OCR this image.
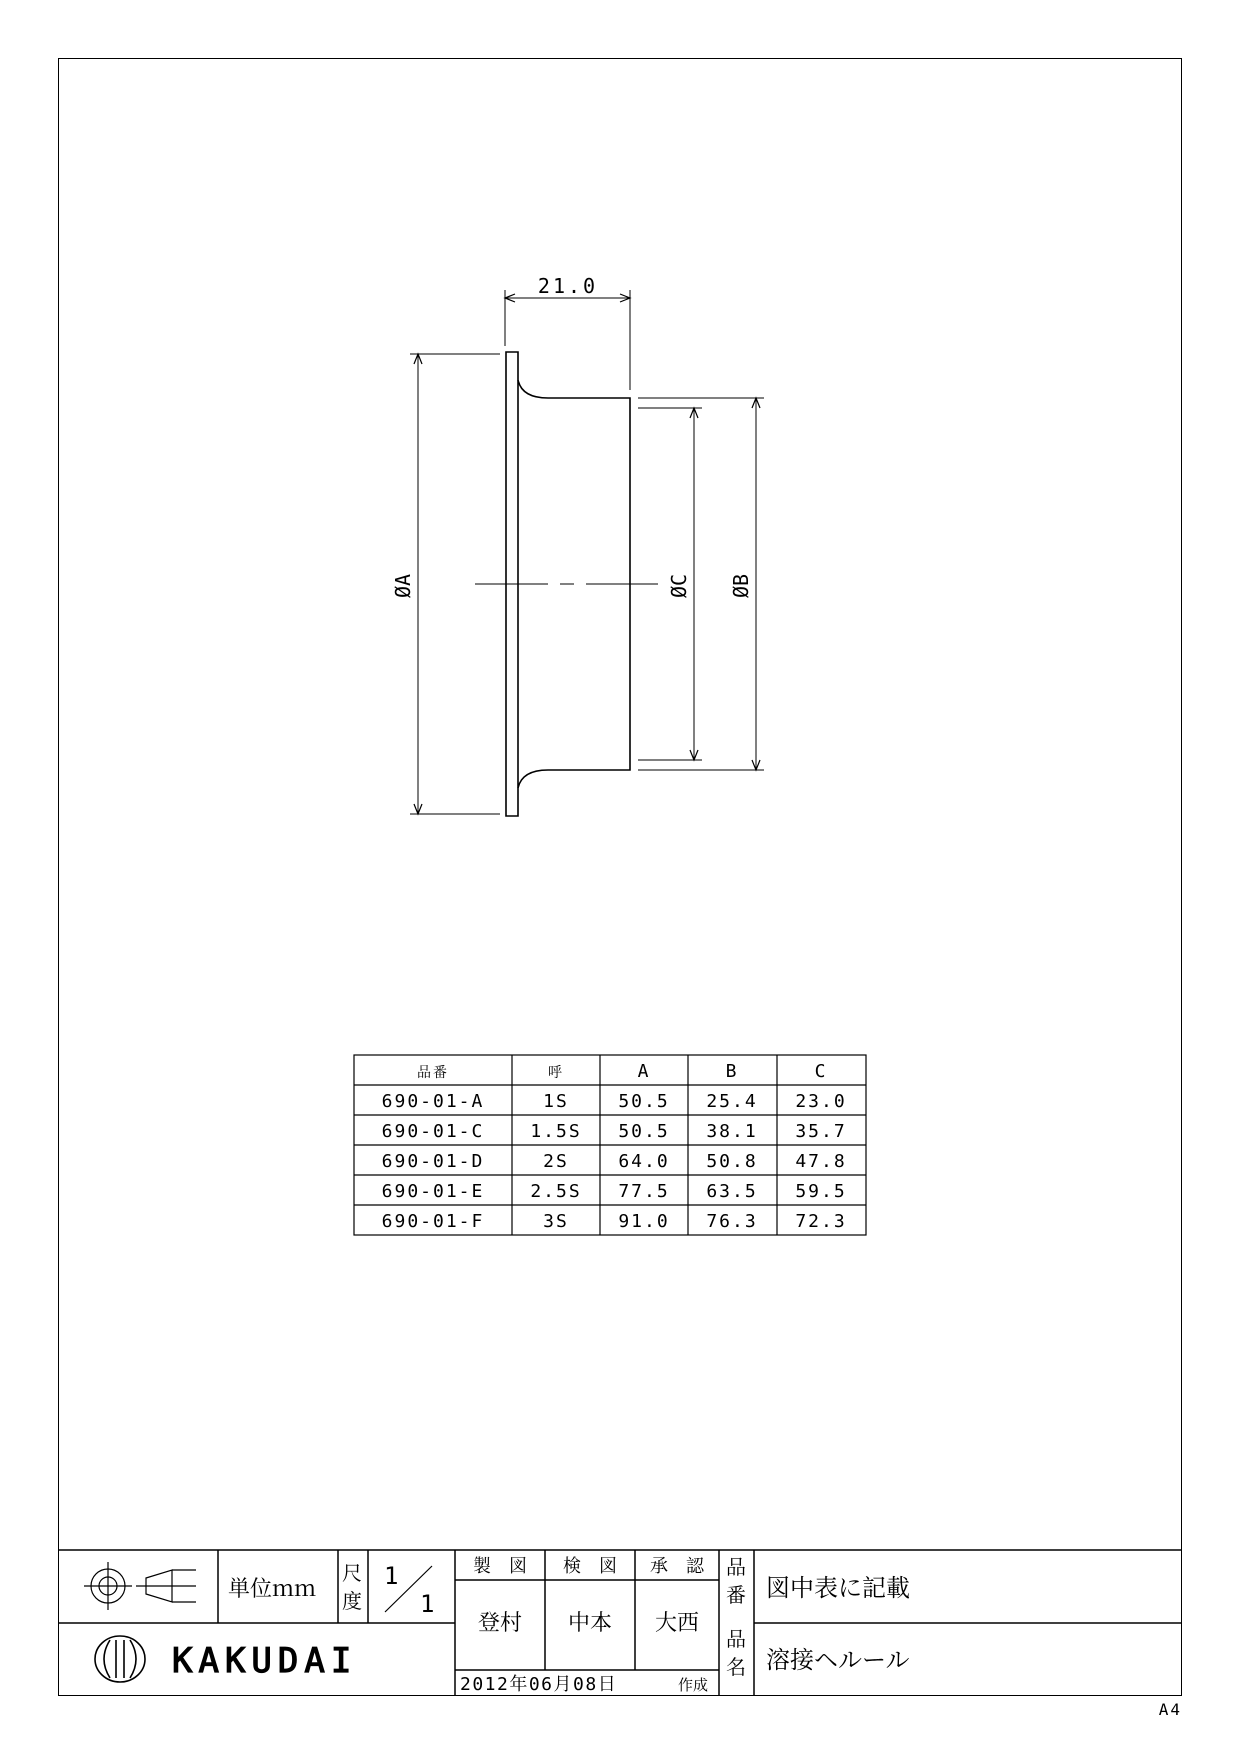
21.0
ØA	ØC ØB
品番	呼	A	B	C
690-01-A	1S	50.5 25.4 23.0
690-01-C	1.5S 50.5 38.1 35.7
690-01-D	2S	64.0 50.8 47.8
690-01-E	2.5S 77.5 63.5 59.5
690-01-F	3S	91.0 76.3 72.3
単位ｍｍ
尺
度
1
1
製　図 検　図 承　認
登村 中本 大西
2012年06月08日	作成
品
番 図中表に記載
品
名 溶接ヘルール
KAKUDAI
A4
